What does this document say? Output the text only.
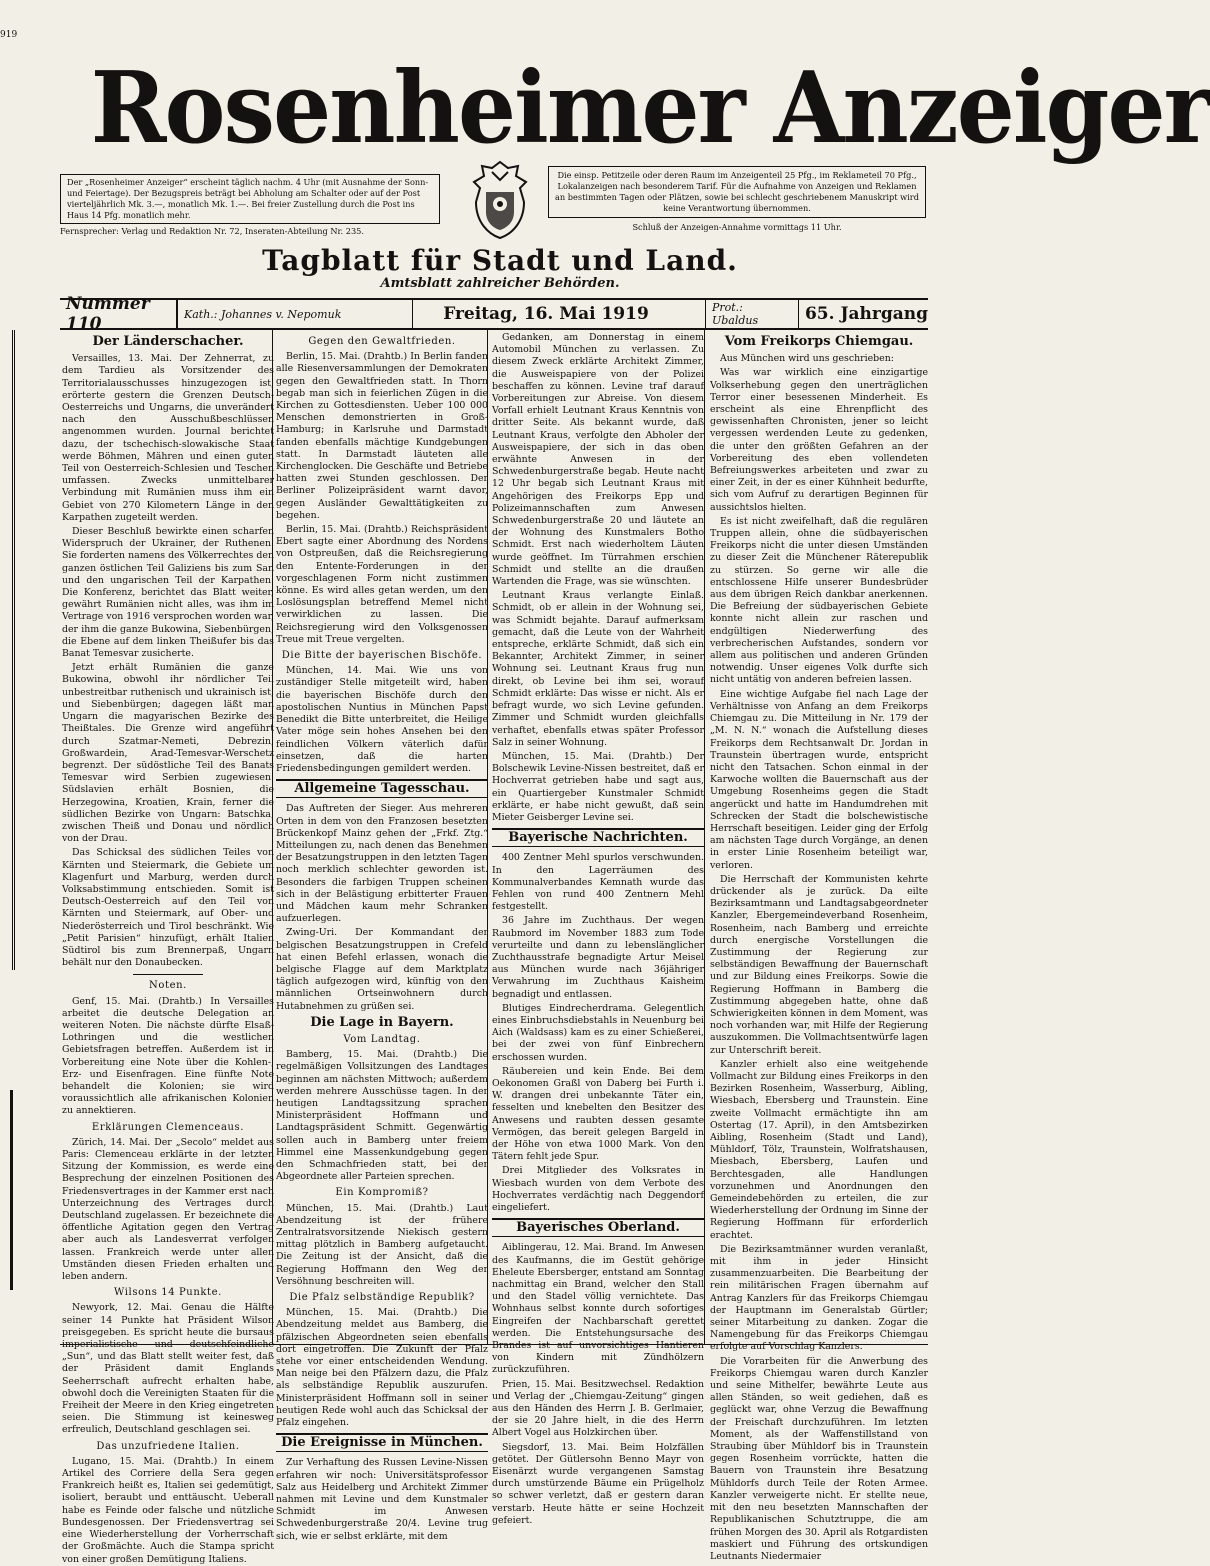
919
Rosenheimer Anzeiger
Der „Rosenheimer Anzeiger“ erscheint täglich nachm. 4 Uhr (mit Ausnahme der Sonn- und Feiertage). Der Bezugspreis beträgt bei Abholung am Schalter oder auf der Post vierteljährlich Mk. 3.—, monatlich Mk. 1.—. Bei freier Zustellung durch die Post ins Haus 14 Pfg. monatlich mehr.
Fernsprecher: Verlag und Redaktion Nr. 72, Inseraten-Abteilung Nr. 235.
Die einsp. Petitzeile oder deren Raum im Anzeigenteil 25 Pfg., im Reklameteil 70 Pfg., Lokalanzeigen nach besonderem Tarif. Für die Aufnahme von Anzeigen und Reklamen an bestimmten Tagen oder Plätzen, sowie bei schlecht geschriebenem Manuskript wird keine Verantwortung übernommen.
Schluß der Anzeigen-Annahme vormittags 11 Uhr.
Tagblatt für Stadt und Land.
Amtsblatt zahlreicher Behörden.
Nummer 110	Kath.: Johannes v. Nepomuk	Freitag, 16. Mai 1919	Prot.: Ubaldus	65. Jahrgang
Der Länderschacher.

Versailles, 13. Mai. Der Zehnerrat, zu dem Tardieu als Vorsitzender des Territorialausschusses hinzugezogen ist, erörterte gestern die Grenzen Deutsch-Oesterreichs und Ungarns, die unverändert nach den Ausschußbeschlüssen angenommen wurden. Journal berichtet dazu, der tschechisch-slowakische Staat werde Böhmen, Mähren und einen guten Teil von Oesterreich-Schlesien und Teschen umfassen. Zwecks unmittelbarer Verbindung mit Rumänien muss ihm ein Gebiet von 270 Kilometern Länge in den Karpathen zugeteilt werden.

Dieser Beschluß bewirkte einen scharfen Widerspruch der Ukrainer, der Ruthenen. Sie forderten namens des Völkerrechtes den ganzen östlichen Teil Galiziens bis zum San und den ungarischen Teil der Karpathen. Die Konferenz, berichtet das Blatt weiter, gewährt Rumänien nicht alles, was ihm im Vertrage von 1916 versprochen worden war, der ihm die ganze Bukowina, Siebenbürgen, die Ebene auf dem linken Theißufer bis das Banat Temesvar zusicherte.

Jetzt erhält Rumänien die ganze Bukowina, obwohl ihr nördlicher Teil unbestreitbar ruthenisch und ukrainisch ist, und Siebenbürgen; dagegen läßt man Ungarn die magyarischen Bezirke des Theißtales. Die Grenze wird angeführt durch Szatmar-Nemeti, Debrezin, Großwardein, Arad-Temesvar-Werschetz begrenzt. Der südöstliche Teil des Banats Temesvar wird Serbien zugewiesen. Südslavien erhält Bosnien, die Herzegowina, Kroatien, Krain, ferner die südlichen Bezirke von Ungarn: Batschka, zwischen Theiß und Donau und nördlich von der Drau.

Das Schicksal des südlichen Teiles von Kärnten und Steiermark, die Gebiete um Klagenfurt und Marburg, werden durch Volksabstimmung entschieden. Somit ist Deutsch-Oesterreich auf den Teil von Kärnten und Steiermark, auf Ober- und Niederösterreich und Tirol beschränkt. Wie „Petit Parisien“ hinzufügt, erhält Italien Südtirol bis zum Brennerpaß, Ungarn behält nur den Donaubecken.

Noten.

Genf, 15. Mai. (Drahtb.) In Versailles arbeitet die deutsche Delegation an weiteren Noten. Die nächste dürfte Elsaß-Lothringen und die westlichen Gebietsfragen betreffen. Außerdem ist in Vorbereitung eine Note über die Kohlen-, Erz- und Eisenfragen. Eine fünfte Note behandelt die Kolonien; sie wird voraussichtlich alle afrikanischen Kolonien zu annektieren.

Erklärungen Clemenceaus.

Zürich, 14. Mai. Der „Secolo“ meldet aus Paris: Clemenceau erklärte in der letzten Sitzung der Kommission, es werde eine Besprechung der einzelnen Positionen des Friedensvertrages in der Kammer erst nach Unterzeichnung des Vertrages durch Deutschland zugelassen. Er bezeichnete die öffentliche Agitation gegen den Vertrag aber auch als Landesverrat verfolgen lassen. Frankreich werde unter allen Umständen diesen Frieden erhalten und leben andern.

Wilsons 14 Punkte.

Newyork, 12. Mai. Genau die Hälfte seiner 14 Punkte hat Präsident Wilson preisgegeben. Es spricht heute die bursaus imperialistische und deutschfeindliche „Sun“, und das Blatt stellt weiter fest, daß der Präsident damit Englands Seeherrschaft aufrecht erhalten habe, obwohl doch die Vereinigten Staaten für die Freiheit der Meere in den Krieg eingetreten seien. Die Stimmung ist keinesweg erfreulich, Deutschland geschlagen sei.

Das unzufriedene Italien.

Lugano, 15. Mai. (Drahtb.) In einem Artikel des Corriere della Sera gegen Frankreich heißt es, Italien sei gedemütigt, isoliert, beraubt und enttäuscht. Ueberall habe es Feinde oder falsche und nützliche Bundesgenossen. Der Friedensvertrag sei eine Wiederherstellung der Vorherrschaft der Großmächte. Auch die Stampa spricht von einer großen Demütigung Italiens.

Gegen den Gewaltfrieden.

Berlin, 15. Mai. (Drahtb.) In Berlin fanden alle Riesenversammlungen der Demokraten gegen den Gewaltfrieden statt. In Thorn begab man sich in feierlichen Zügen in die Kirchen zu Gottesdiensten. Ueber 100 000 Menschen demonstrierten in Groß-Hamburg; in Karlsruhe und Darmstadt fanden ebenfalls mächtige Kundgebungen statt. In Darmstadt läuteten alle Kirchenglocken. Die Geschäfte und Betriebe hatten zwei Stunden geschlossen. Der Berliner Polizeipräsident warnt davor, gegen Ausländer Gewalttätigkeiten zu begehen.

Berlin, 15. Mai. (Drahtb.) Reichspräsident Ebert sagte einer Abordnung des Nordens von Ostpreußen, daß die Reichsregierung den Entente-Forderungen in der vorgeschlagenen Form nicht zustimmen könne. Es wird alles getan werden, um den Loslösungsplan betreffend Memel nicht verwirklichen zu lassen. Die Reichsregierung wird den Volksgenossen Treue mit Treue vergelten.

Die Bitte der bayerischen Bischöfe.

München, 14. Mai. Wie uns von zuständiger Stelle mitgeteilt wird, haben die bayerischen Bischöfe durch den apostolischen Nuntius in München Papst Benedikt die Bitte unterbreitet, die Heilige Vater möge sein hohes Ansehen bei den feindlichen Völkern väterlich dafür einsetzen, daß die harten Friedensbedingungen gemildert werden.

Allgemeine Tagesschau.

Das Auftreten der Sieger. Aus mehreren Orten in dem von den Franzosen besetzten Brückenkopf Mainz gehen der „Frkf. Ztg.“ Mitteilungen zu, nach denen das Benehmen der Besatzungstruppen in den letzten Tagen noch merklich schlechter geworden ist. Besonders die farbigen Truppen scheinen sich in der Belästigung erbitterter Frauen und Mädchen kaum mehr Schranken aufzuerlegen.

Zwing-Uri. Der Kommandant der belgischen Besatzungstruppen in Crefeld hat einen Befehl erlassen, wonach die belgische Flagge auf dem Marktplatz täglich aufgezogen wird, künftig von den männlichen Ortseinwohnern durch Hutabnehmen zu grüßen sei.

Die Lage in Bayern.
Vom Landtag.

Bamberg, 15. Mai. (Drahtb.) Die regelmäßigen Vollsitzungen des Landtages beginnen am nächsten Mittwoch; außerdem werden mehrere Ausschüsse tagen. In der heutigen Landtagssitzung sprachen Ministerpräsident Hoffmann und Landtagspräsident Schmitt. Gegenwärtig sollen auch in Bamberg unter freiem Himmel eine Massenkundgebung gegen den Schmachfrieden statt, bei der Abgeordnete aller Parteien sprechen.

Ein Kompromiß?

München, 15. Mai. (Drahtb.) Laut Abendzeitung ist der frühere Zentralratsvorsitzende Niekisch gestern mittag plötzlich in Bamberg aufgetaucht. Die Zeitung ist der Ansicht, daß die Regierung Hoffmann den Weg der Versöhnung beschreiten will.

Die Pfalz selbständige Republik?

München, 15. Mai. (Drahtb.) Die Abendzeitung meldet aus Bamberg, die pfälzischen Abgeordneten seien ebenfalls dort eingetroffen. Die Zukunft der Pfalz stehe vor einer entscheidenden Wendung. Man neige bei den Pfälzern dazu, die Pfalz als selbständige Republik auszurufen. Ministerpräsident Hoffmann soll in seiner heutigen Rede wohl auch das Schicksal der Pfalz eingehen.

Die Ereignisse in München.

Zur Verhaftung des Russen Levine-Nissen erfahren wir noch: Universitätsprofessor Salz aus Heidelberg und Architekt Zimmer nahmen mit Levine und dem Kunstmaler Schmidt im Anwesen Schwedenburgerstraße 20/4. Levine trug sich, wie er selbst erklärte, mit dem

Gedanken, am Donnerstag in einem Automobil München zu verlassen. Zu diesem Zweck erklärte Architekt Zimmer, die Ausweispapiere von der Polizei beschaffen zu können. Levine traf darauf Vorbereitungen zur Abreise. Von diesem Vorfall erhielt Leutnant Kraus Kenntnis von dritter Seite. Als bekannt wurde, daß Leutnant Kraus, verfolgte den Abholer der Ausweispapiere, der sich in das oben erwähnte Anwesen in der Schwedenburgerstraße begab. Heute nacht 12 Uhr begab sich Leutnant Kraus mit Angehörigen des Freikorps Epp und Polizeimannschaften zum Anwesen Schwedenburgerstraße 20 und läutete an der Wohnung des Kunstmalers Botho Schmidt. Erst nach wiederholtem Läuten wurde geöffnet. Im Türrahmen erschien Schmidt und stellte an die draußen Wartenden die Frage, was sie wünschten.

Leutnant Kraus verlangte Einlaß. Schmidt, ob er allein in der Wohnung sei, was Schmidt bejahte. Darauf aufmerksam gemacht, daß die Leute von der Wahrheit entspreche, erklärte Schmidt, daß sich ein Bekannter, Architekt Zimmer, in seiner Wohnung sei. Leutnant Kraus frug nun direkt, ob Levine bei ihm sei, worauf Schmidt erklärte: Das wisse er nicht. Als er befragt wurde, wo sich Levine gefunden. Zimmer und Schmidt wurden gleichfalls verhaftet, ebenfalls etwas später Professor Salz in seiner Wohnung.

München, 15. Mai. (Drahtb.) Der Bolschewik Levine-Nissen bestreitet, daß er Hochverrat getrieben habe und sagt aus, ein Quartiergeber Kunstmaler Schmidt erklärte, er habe nicht gewußt, daß sein Mieter Geisberger Levine sei.

Bayerische Nachrichten.

400 Zentner Mehl spurlos verschwunden. In den Lagerräumen des Kommunalverbandes Kemnath wurde das Fehlen von rund 400 Zentnern Mehl festgestellt.

36 Jahre im Zuchthaus. Der wegen Raubmord im November 1883 zum Tode verurteilte und dann zu lebenslänglicher Zuchthausstrafe begnadigte Artur Meisel aus München wurde nach 36jähriger Verwahrung im Zuchthaus Kaisheim begnadigt und entlassen.

Blutiges Eindrecherdrama. Gelegentlich eines Einbruchsdiebstahls in Neuenburg bei Aich (Waldsass) kam es zu einer Schießerei, bei der zwei von fünf Einbrechern erschossen wurden.

Räubereien und kein Ende. Bei dem Oekonomen Graßl von Daberg bei Furth i. W. drangen drei unbekannte Täter ein, fesselten und knebelten den Besitzer des Anwesens und raubten dessen gesamte Vermögen, das bereit gelegen Bargeld in der Höhe von etwa 1000 Mark. Von den Tätern fehlt jede Spur.

Drei Mitglieder des Volksrates in Wiesbach wurden von dem Verbote des Hochverrates verdächtig nach Deggendorf eingeliefert.

Bayerisches Oberland.

Aiblingerau, 12. Mai. Brand. Im Anwesen des Kaufmanns, die im Gestüt gehörige Eheleute Ebersberger, entstand am Sonntag nachmittag ein Brand, welcher den Stall und den Stadel völlig vernichtete. Das Wohnhaus selbst konnte durch sofortiges Eingreifen der Nachbarschaft gerettet werden. Die Entstehungsursache des Brandes ist auf unvorsichtiges Hantieren von Kindern mit Zündhölzern zurückzuführen.

Prien, 15. Mai. Besitzwechsel. Redaktion und Verlag der „Chiemgau-Zeitung“ gingen aus den Händen des Herrn J. B. Gerlmaier, der sie 20 Jahre hielt, in die des Herrn Albert Vogel aus Holzkirchen über.

Siegsdorf, 13. Mai. Beim Holzfällen getötet. Der Gütlersohn Benno Mayr von Eisenärzt wurde vergangenen Samstag durch umstürzende Bäume ein Prügelholz so schwer verletzt, daß er gestern daran verstarb. Heute hätte er seine Hochzeit gefeiert.

Vom Freikorps Chiemgau.

Aus München wird uns geschrieben:

Was war wirklich eine einzigartige Volkserhebung gegen den unerträglichen Terror einer besessenen Minderheit. Es erscheint als eine Ehrenpflicht des gewissenhaften Chronisten, jener so leicht vergessen werdenden Leute zu gedenken, die unter den größten Gefahren an der Vorbereitung des eben vollendeten Befreiungswerkes arbeiteten und zwar zu einer Zeit, in der es einer Kühnheit bedurfte, sich vom Aufruf zu derartigen Beginnen für aussichtslos hielten.

Es ist nicht zweifelhaft, daß die regulären Truppen allein, ohne die südbayerischen Freikorps nicht die unter diesen Umständen zu dieser Zeit die Münchener Räterepublik zu stürzen. So gerne wir alle die entschlossene Hilfe unserer Bundesbrüder aus dem übrigen Reich dankbar anerkennen. Die Befreiung der südbayerischen Gebiete konnte nicht allein zur raschen und endgültigen Niederwerfung des verbrecherischen Aufstandes, sondern vor allem aus politischen und anderen Gründen notwendig. Unser eigenes Volk durfte sich nicht untätig von anderen befreien lassen.

Eine wichtige Aufgabe fiel nach Lage der Verhältnisse von Anfang an dem Freikorps Chiemgau zu. Die Mitteilung in Nr. 179 der „M. N. N.“ wonach die Aufstellung dieses Freikorps dem Rechtsanwalt Dr. Jordan in Traunstein übertragen wurde, entspricht nicht den Tatsachen. Schon einmal in der Karwoche wollten die Bauernschaft aus der Umgebung Rosenheims gegen die Stadt angerückt und hatte im Handumdrehen mit Schrecken der Stadt die bolschewistische Herrschaft beseitigen. Leider ging der Erfolg am nächsten Tage durch Vorgänge, an denen in erster Linie Rosenheim beteiligt war, verloren.

Die Herrschaft der Kommunisten kehrte drückender als je zurück. Da eilte Bezirksamtmann und Landtagsabgeordneter Kanzler, Ebergemeindeverband Rosenheim, Rosenheim, nach Bamberg und erreichte durch energische Vorstellungen die Zustimmung der Regierung zur selbständigen Bewaffnung der Bauernschaft und zur Bildung eines Freikorps. Sowie die Regierung Hoffmann in Bamberg die Zustimmung abgegeben hatte, ohne daß Schwierigkeiten können in dem Moment, was noch vorhanden war, mit Hilfe der Regierung auszukommen. Die Vollmachtsentwürfe lagen zur Unterschrift bereit.

Kanzler erhielt also eine weitgehende Vollmacht zur Bildung eines Freikorps in den Bezirken Rosenheim, Wasserburg, Aibling, Wiesbach, Ebersberg und Traunstein. Eine zweite Vollmacht ermächtigte ihn am Ostertag (17. April), in den Amtsbezirken Aibling, Rosenheim (Stadt und Land), Mühldorf, Tölz, Traunstein, Wolfratshausen, Miesbach, Ebersberg, Laufen und Berchtesgaden, alle Handlungen vorzunehmen und Anordnungen den Gemeindebehörden zu erteilen, die zur Wiederherstellung der Ordnung im Sinne der Regierung Hoffmann für erforderlich erachtet.

Die Bezirksamtmänner wurden veranlaßt, mit ihm in jeder Hinsicht zusammenzuarbeiten. Die Bearbeitung der rein militärischen Fragen übernahm auf Antrag Kanzlers für das Freikorps Chiemgau der Hauptmann im Generalstab Gürtler; seiner Mitarbeitung zu danken. Zogar die Namengebung für das Freikorps Chiemgau erfolgte auf Vorschlag Kanzlers.

Die Vorarbeiten für die Anwerbung des Freikorps Chiemgau waren durch Kanzler und seine Mithelfer, bewährte Leute aus allen Ständen, so weit gediehen, daß es geglückt war, ohne Verzug die Bewaffnung der Freischaft durchzuführen. Im letzten Moment, als der Waffenstillstand von Straubing über Mühldorf bis in Traunstein gegen Rosenheim vorrückte, hatten die Bauern von Traunstein ihre Besatzung Mühldorfs durch Teile der Roten Armee. Kanzler verweigerte nicht. Er stellte neue, mit den neu besetzten Mannschaften der Republikanischen Schutztruppe, die am frühen Morgen des 30. April als Rotgardisten maskiert und Führung des ortskundigen Leutnants Niedermaier
